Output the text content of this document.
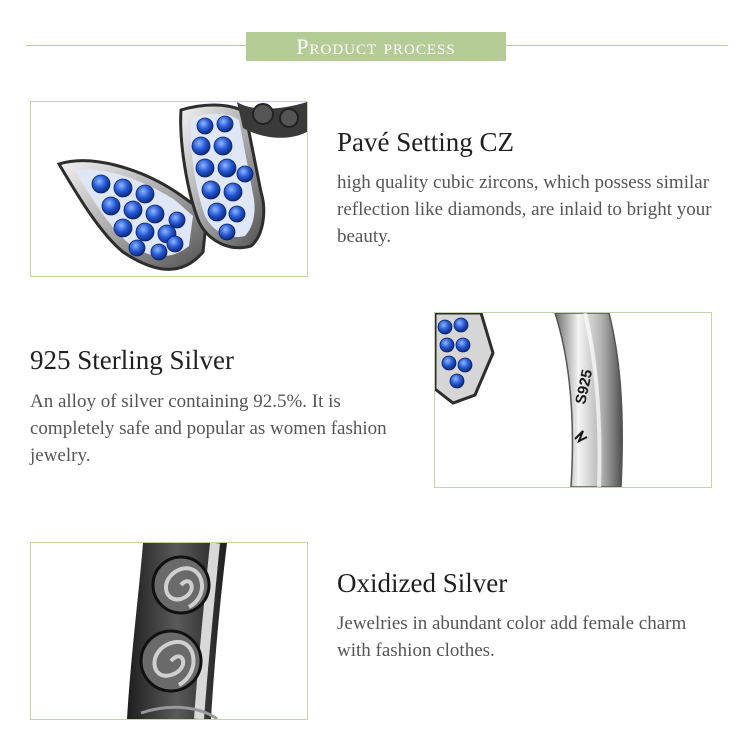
Product process
Pavé Setting CZ
high quality cubic zircons, which possess similar reflection like diamonds, are inlaid to bright your beauty.
925 Sterling Silver
An alloy of silver containing 92.5%. It is completely safe and popular as women fashion jewelry.
S925
Oxidized Silver
Jewelries in abundant color add female charm with fashion clothes.
